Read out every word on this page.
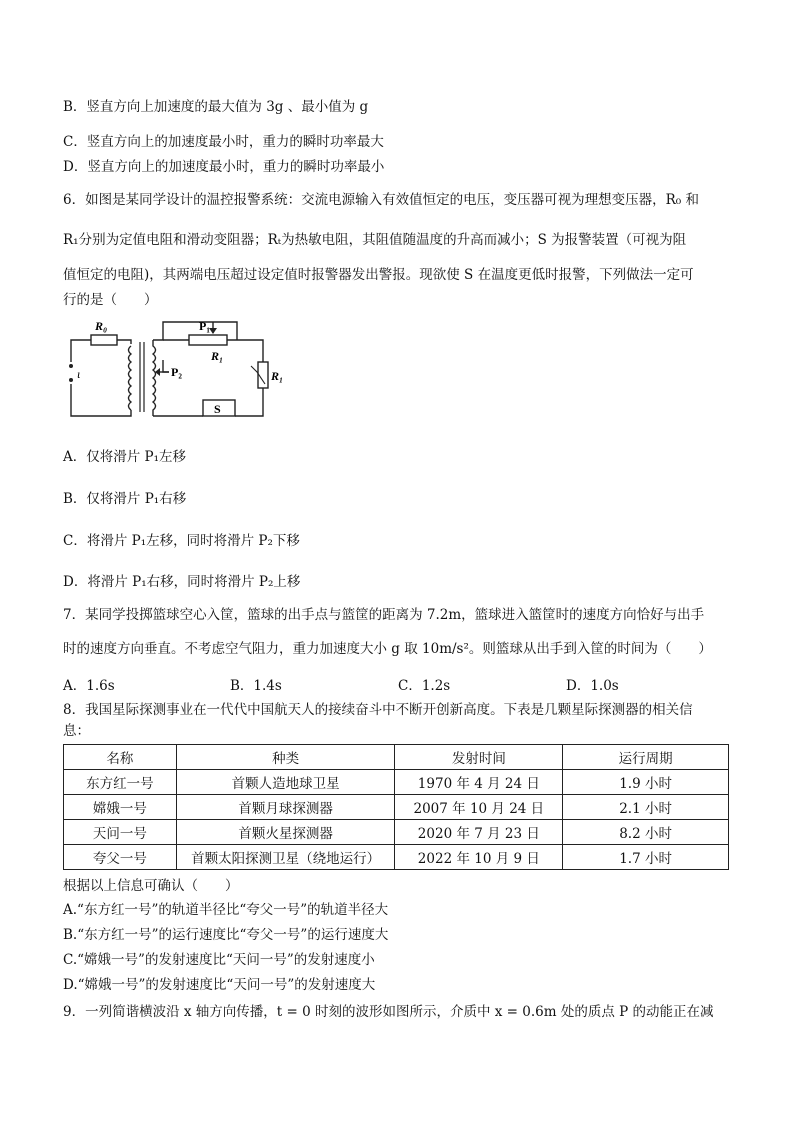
B．竖直方向上加速度的最大值为 3g 、最小值为 g
C．竖直方向上的加速度最小时，重力的瞬时功率最大
D．竖直方向上的加速度最小时，重力的瞬时功率最小
6．如图是某同学设计的温控报警系统：交流电源输入有效值恒定的电压，变压器可视为理想变压器，R₀ 和
R₁分别为定值电阻和滑动变阻器；Rₜ为热敏电阻，其阻值随温度的升高而减小；S 为报警装置（可视为阻
值恒定的电阻)，其两端电压超过设定值时报警器发出警报。现欲使 S 在温度更低时报警，下列做法一定可
行的是（　　）
R₀
ι
P₁
R₁
P₂	R₁
S
A．仅将滑片 P₁左移
B．仅将滑片 P₁右移
C．将滑片 P₁左移，同时将滑片 P₂下移
D．将滑片 P₁右移，同时将滑片 P₂上移
7．某同学投掷篮球空心入筐，篮球的出手点与篮筐的距离为 7.2m，篮球进入篮筐时的速度方向恰好与出手
时的速度方向垂直。不考虑空气阻力，重力加速度大小 g 取 10m/s²。则篮球从出手到入筐的时间为（　　）
A．1.6s	B．1.4s	C．1.2s	D．1.0s
8．我国星际探测事业在一代代中国航天人的接续奋斗中不断开创新高度。下表是几颗星际探测器的相关信
息：
名称	种类	发射时间	运行周期
东方红一号	首颗人造地球卫星	1970 年 4 月 24 日	1.9 小时
嫦娥一号	首颗月球探测器	2007 年 10 月 24 日	2.1 小时
天问一号	首颗火星探测器	2020 年 7 月 23 日	8.2 小时
夸父一号	首颗太阳探测卫星（绕地运行）	2022 年 10 月 9 日	1.7 小时
根据以上信息可确认（　　）
A.“东方红一号”的轨道半径比“夸父一号”的轨道半径大
B.“东方红一号”的运行速度比“夸父一号”的运行速度大
C.“嫦娥一号”的发射速度比“天问一号”的发射速度小
D.“嫦娥一号”的发射速度比“天问一号”的发射速度大
9．一列简谐横波沿 x 轴方向传播，t = 0 时刻的波形如图所示，介质中 x = 0.6m 处的质点 P 的动能正在减
